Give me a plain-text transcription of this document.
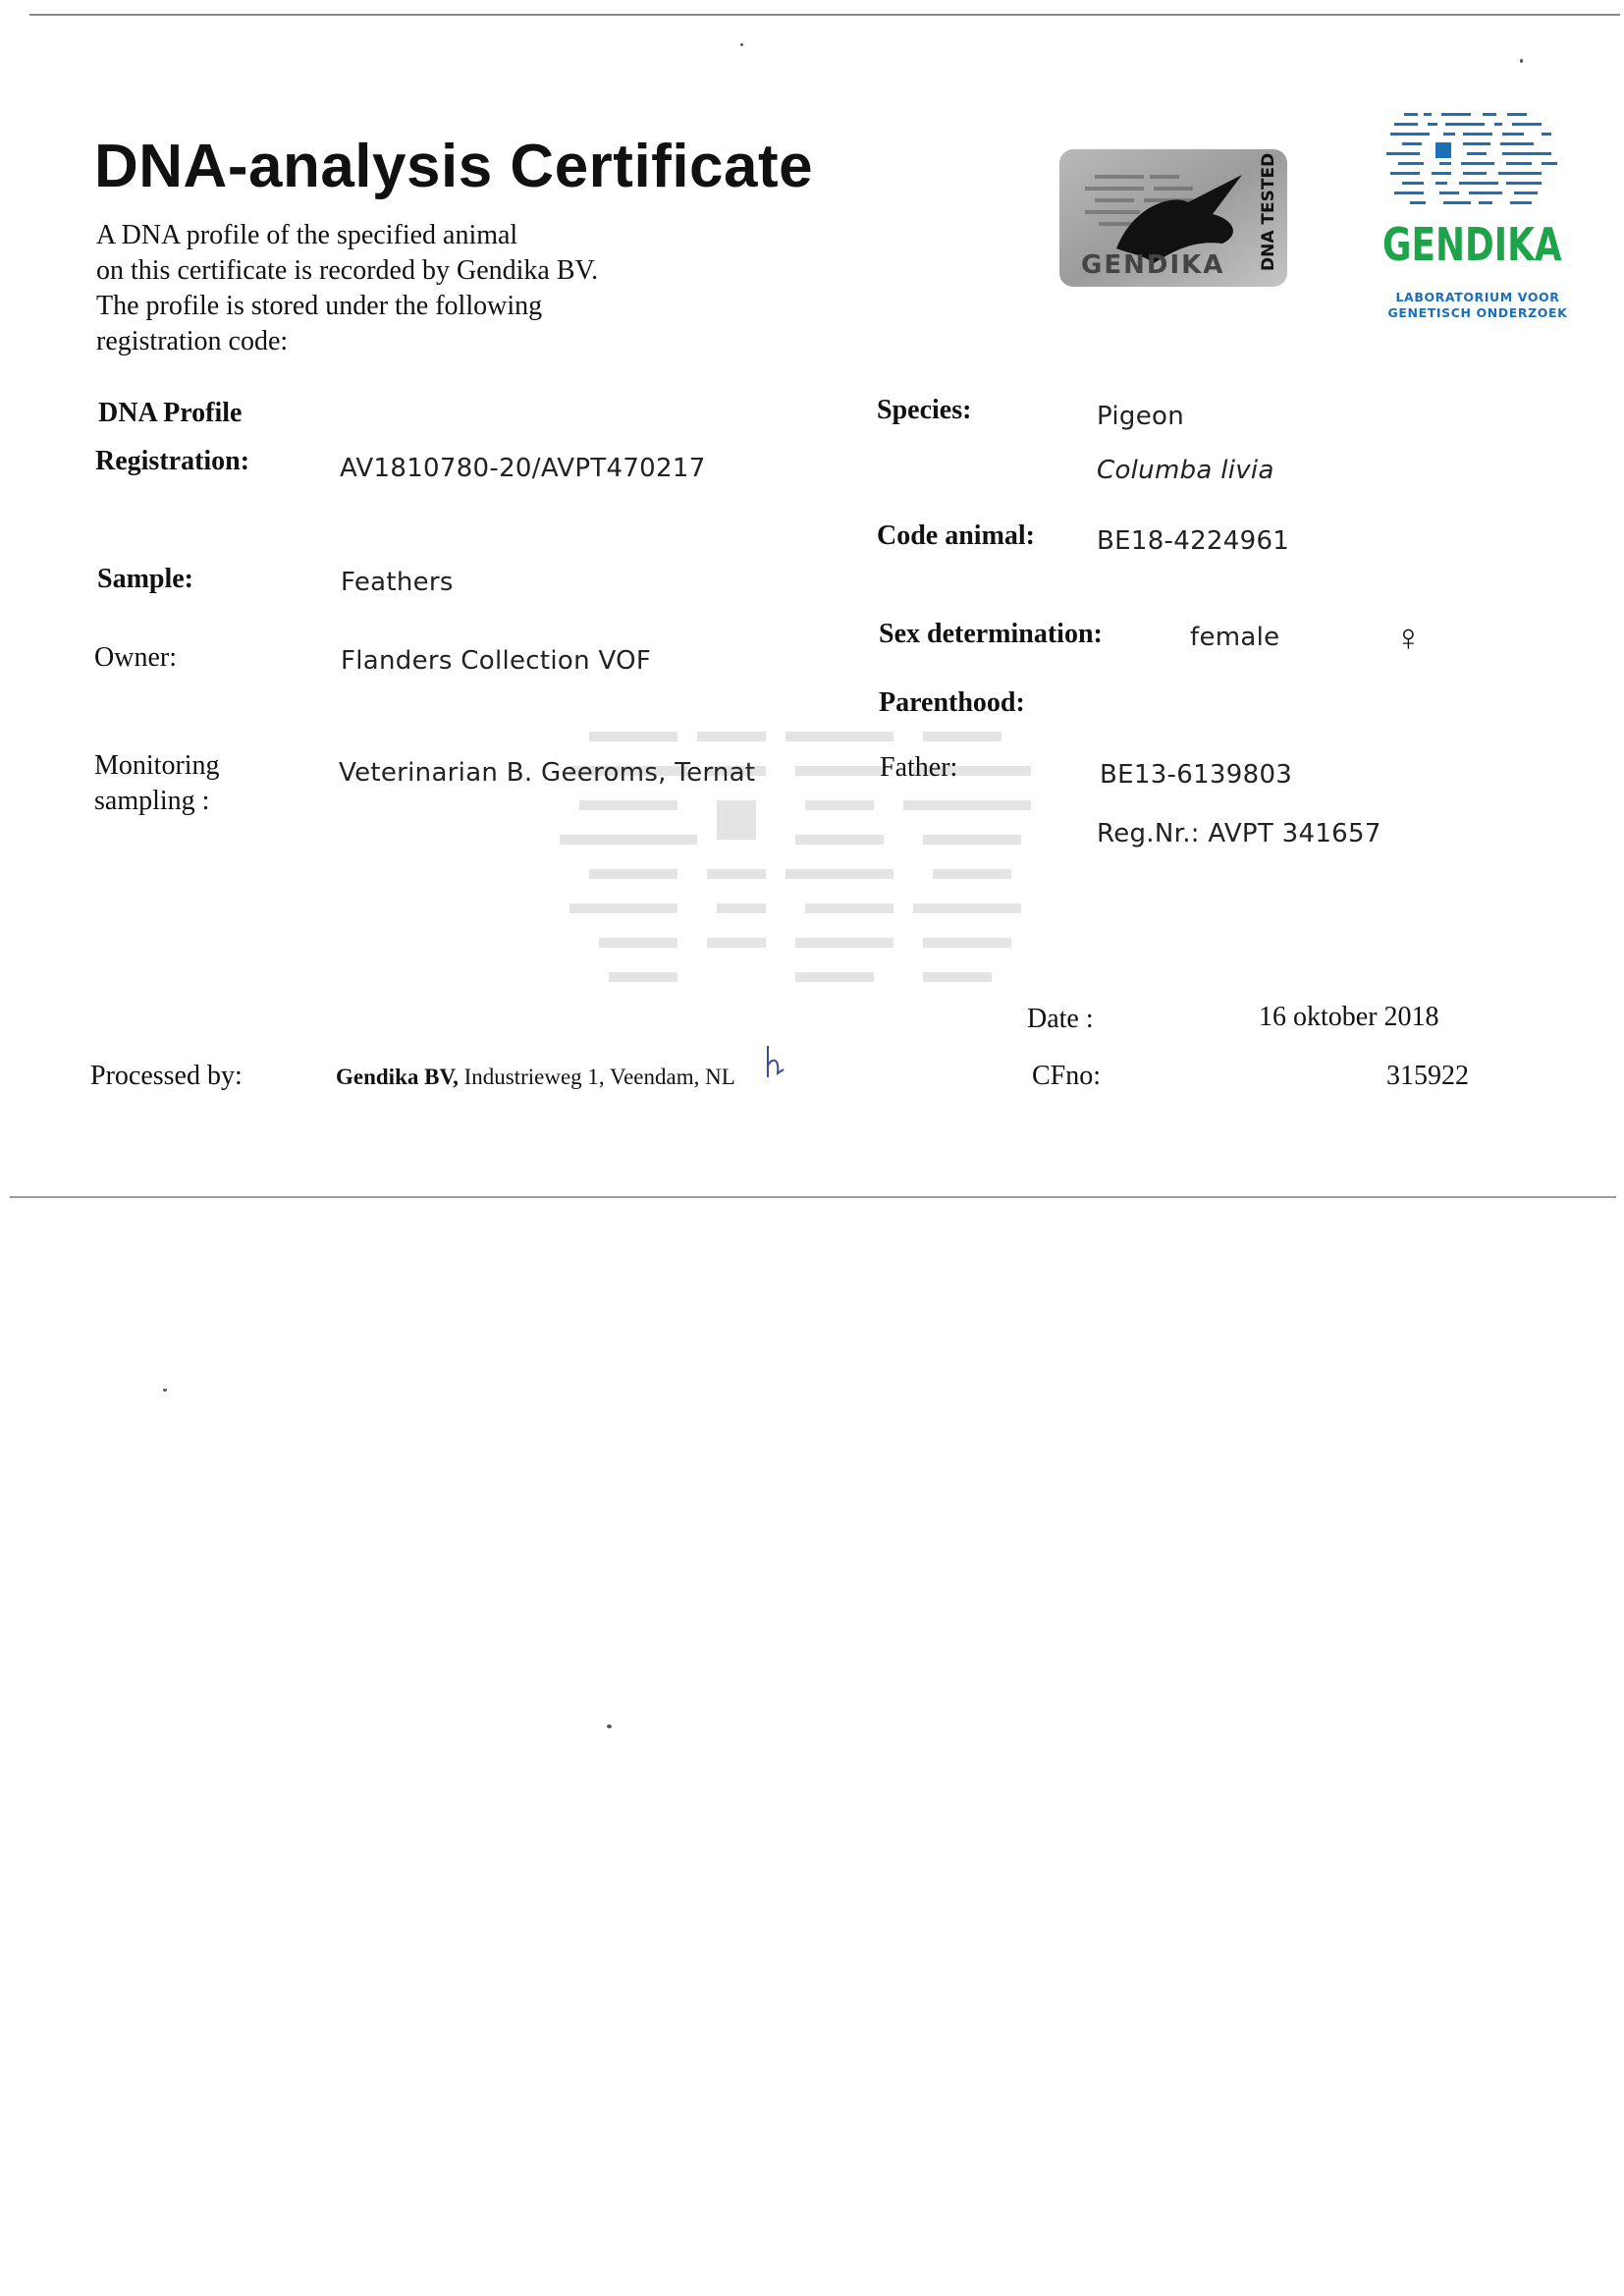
DNA-analysis Certificate
A DNA profile of the specified animal
on this certificate is recorded by Gendika BV.
The profile is stored under the following
registration code:
GENDIKA DNA TESTED GENDIKA
LABORATORIUM VOOR
GENETISCH ONDERZOEK
DNA Profile
Registration:	AV1810780-20/AVPT470217
Sample:	Feathers
Owner:	Flanders Collection VOF
Monitoring
sampling :
Veterinarian B. Geeroms, Ternat
Processed by:	Gendika BV, Industrieweg 1, Veendam, NL
Species:	Pigeon
Columba livia
Code animal: BE18-4224961
Sex determination:	female	♀
Parenthood:
Father:	BE13-6139803
Reg.Nr.: AVPT 341657
Date :	16 oktober 2018
CFno:	315922
